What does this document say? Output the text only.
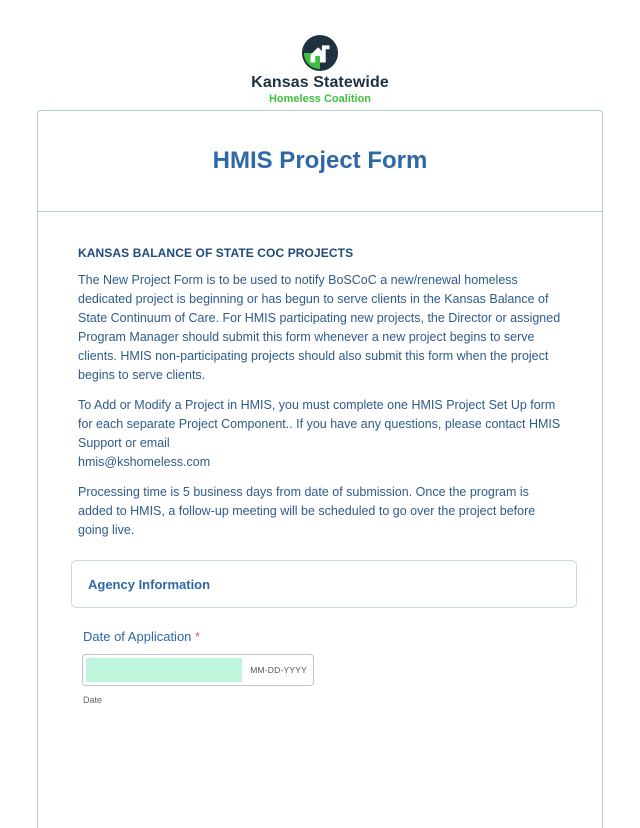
Kansas Statewide
Homeless Coalition
HMIS Project Form
KANSAS BALANCE OF STATE COC PROJECTS
The New Project Form is to be used to notify BoSCoC a new/renewal homeless dedicated project is beginning or has begun to serve clients in the Kansas Balance of State Continuum of Care. For HMIS participating new projects, the Director or assigned Program Manager should submit this form whenever a new project begins to serve clients. HMIS non-participating projects should also submit this form when the project begins to serve clients.
To Add or Modify a Project in HMIS, you must complete one HMIS Project Set Up form for each separate Project Component.. If you have any questions, please contact HMIS Support or email
hmis@kshomeless.com
Processing time is 5 business days from date of submission. Once the program is added to HMIS, a follow-up meeting will be scheduled to go over the project before going live.
Agency Information
Date of Application *
MM-DD-YYYY
Date
